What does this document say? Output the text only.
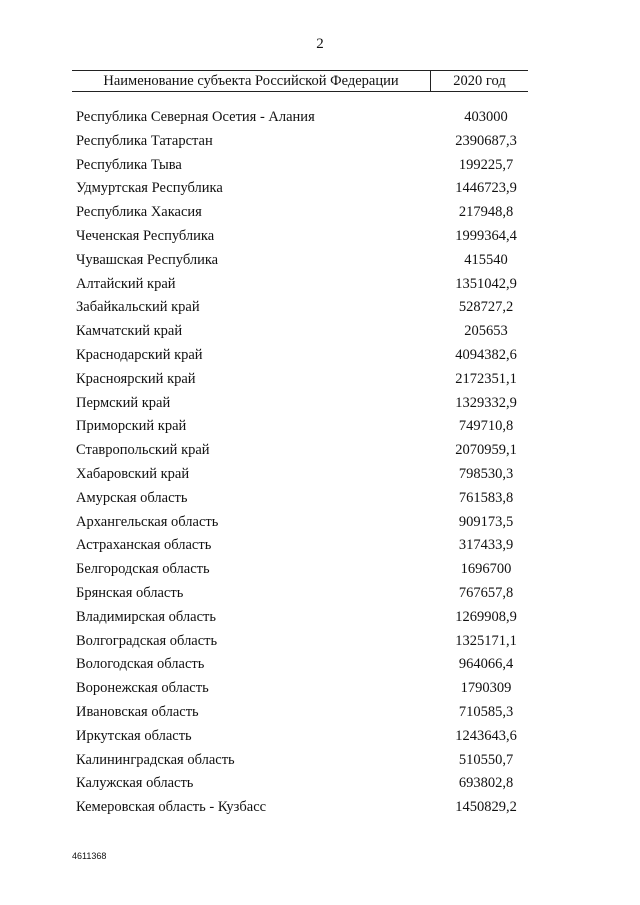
2
Наименование субъекта Российской Федерации	2020 год
Республика Северная Осетия - Алания	403000
Республика Татарстан	2390687,3
Республика Тыва	199225,7
Удмуртская Республика	1446723,9
Республика Хакасия	217948,8
Чеченская Республика	1999364,4
Чувашская Республика	415540
Алтайский край	1351042,9
Забайкальский край	528727,2
Камчатский край	205653
Краснодарский край	4094382,6
Красноярский край	2172351,1
Пермский край	1329332,9
Приморский край	749710,8
Ставропольский край	2070959,1
Хабаровский край	798530,3
Амурская область	761583,8
Архангельская область	909173,5
Астраханская область	317433,9
Белгородская область	1696700
Брянская область	767657,8
Владимирская область	1269908,9
Волгоградская область	1325171,1
Вологодская область	964066,4
Воронежская область	1790309
Ивановская область	710585,3
Иркутская область	1243643,6
Калининградская область	510550,7
Калужская область	693802,8
Кемеровская область - Кузбасс	1450829,2
4611368
